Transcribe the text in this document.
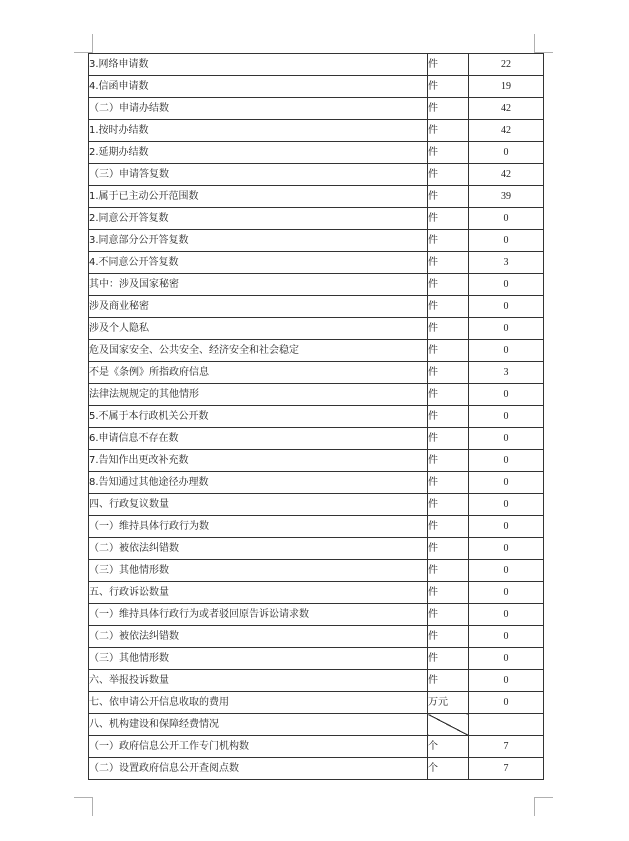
3.网络申请数	件	22
4.信函申请数	件	19
（二）申请办结数	件	42
1.按时办结数	件	42
2.延期办结数	件	0
（三）申请答复数	件	42
1.属于已主动公开范围数	件	39
2.同意公开答复数	件	0
3.同意部分公开答复数	件	0
4.不同意公开答复数	件	3
其中：涉及国家秘密	件	0
涉及商业秘密	件	0
涉及个人隐私	件	0
危及国家安全、公共安全、经济安全和社会稳定	件	0
不是《条例》所指政府信息	件	3
法律法规规定的其他情形	件	0
5.不属于本行政机关公开数	件	0
6.申请信息不存在数	件	0
7.告知作出更改补充数	件	0
8.告知通过其他途径办理数	件	0
四、行政复议数量	件	0
（一）维持具体行政行为数	件	0
（二）被依法纠错数	件	0
（三）其他情形数	件	0
五、行政诉讼数量	件	0
（一）维持具体行政行为或者驳回原告诉讼请求数	件	0
（二）被依法纠错数	件	0
（三）其他情形数	件	0
六、举报投诉数量	件	0
七、依申请公开信息收取的费用	万元	0
八、机构建设和保障经费情况		
（一）政府信息公开工作专门机构数	个	7
（二）设置政府信息公开查阅点数	个	7
